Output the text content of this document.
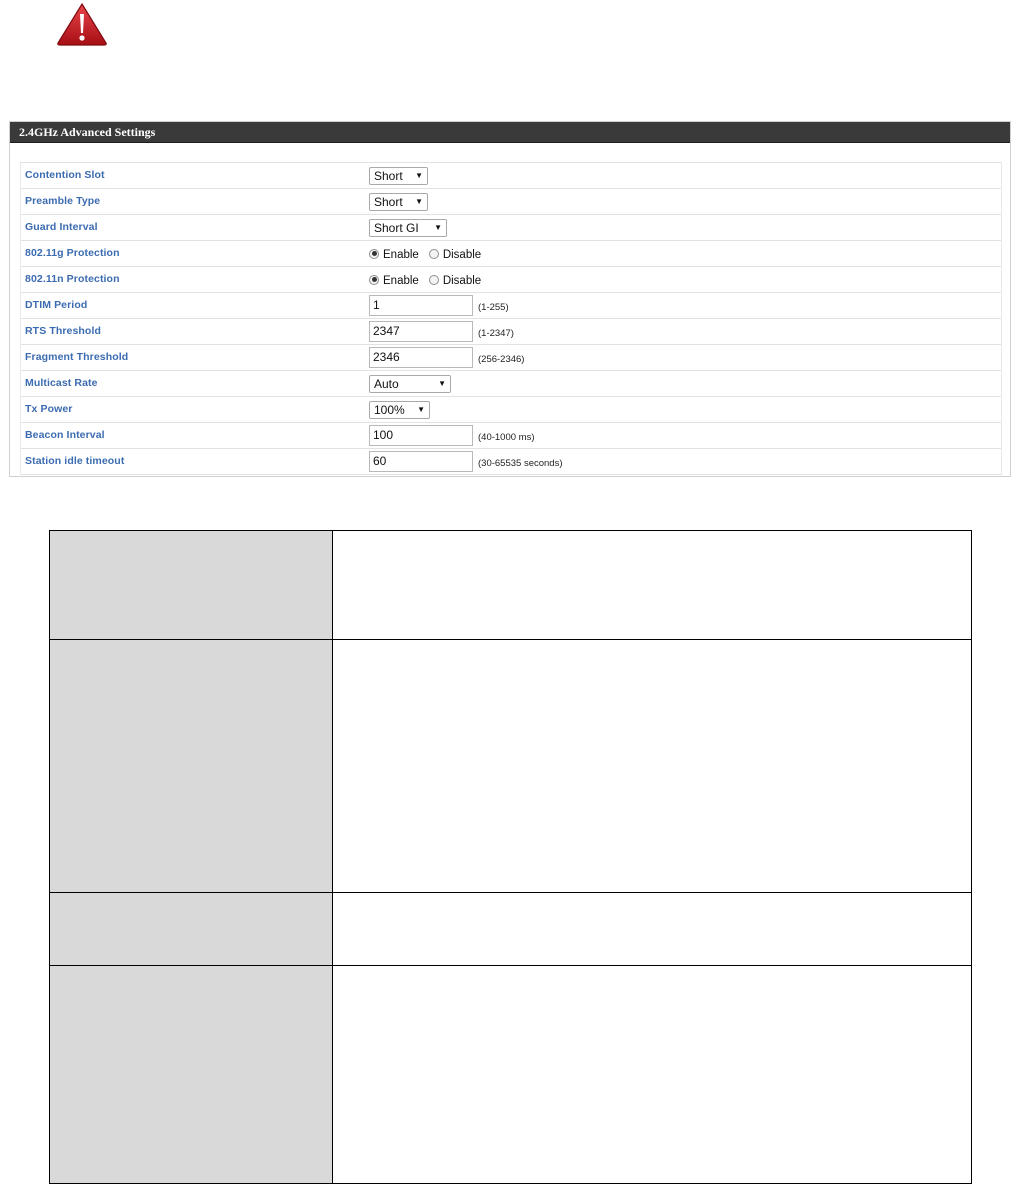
2.4GHz Advanced Settings
Contention Slot	Short ▼
Preamble Type	Short ▼
Guard Interval	Short GI ▼
802.11g Protection	Enable Disable
802.11n Protection	Enable Disable
DTIM Period	1	(1-255)
RTS Threshold	2347	(1-2347)
Fragment Threshold	2346	(256-2346)
Multicast Rate	Auto	▼
Tx Power	100% ▼
Beacon Interval	100	(40-1000 ms)
Station idle timeout	60	(30-65535 seconds)
